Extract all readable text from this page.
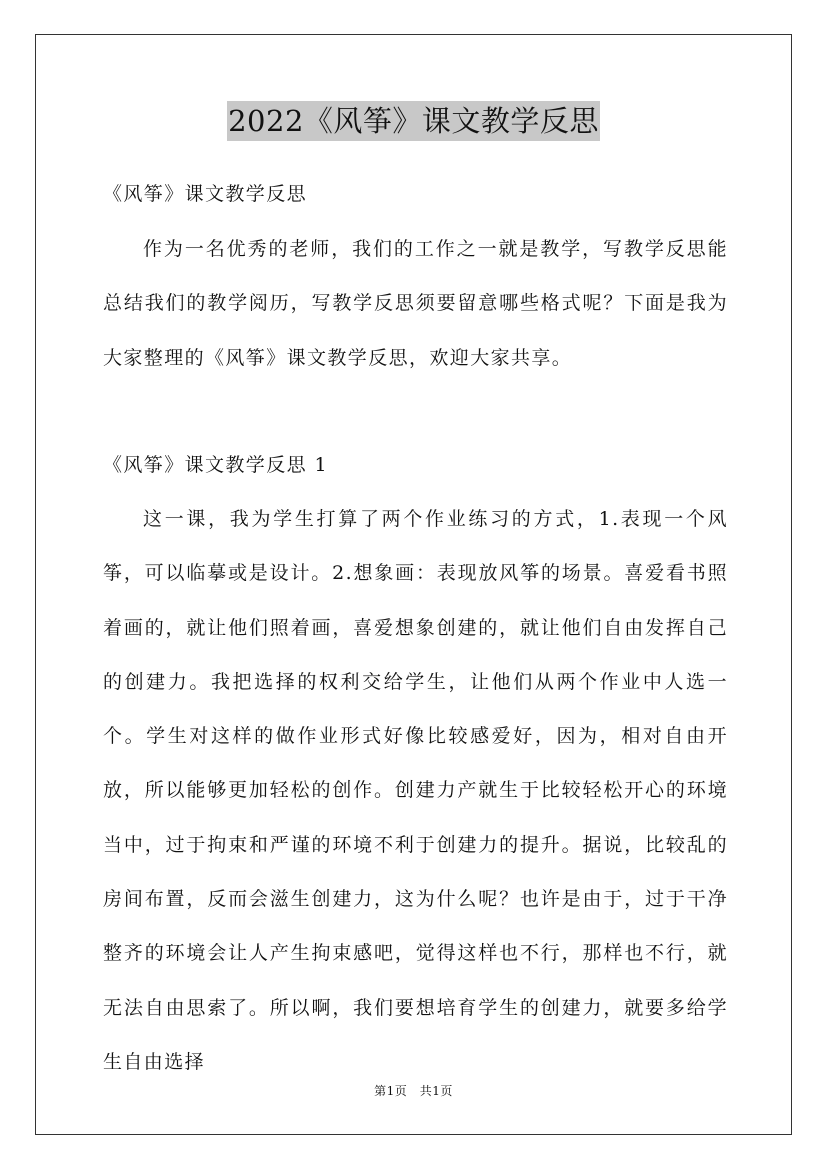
2022《风筝》课文教学反思
《风筝》课文教学反思
作为一名优秀的老师，我们的工作之一就是教学，写教学反思能总结我们的教学阅历，写教学反思须要留意哪些格式呢？下面是我为大家整理的《风筝》课文教学反思，欢迎大家共享。
《风筝》课文教学反思 1
这一课，我为学生打算了两个作业练习的方式，1.表现一个风筝，可以临摹或是设计。2.想象画：表现放风筝的场景。喜爱看书照着画的，就让他们照着画，喜爱想象创建的，就让他们自由发挥自己的创建力。我把选择的权利交给学生，让他们从两个作业中人选一个。学生对这样的做作业形式好像比较感爱好，因为，相对自由开放，所以能够更加轻松的创作。创建力产就生于比较轻松开心的环境当中，过于拘束和严谨的环境不利于创建力的提升。据说，比较乱的房间布置，反而会滋生创建力，这为什么呢？也许是由于，过于干净整齐的环境会让人产生拘束感吧，觉得这样也不行，那样也不行，就无法自由思索了。所以啊，我们要想培育学生的创建力，就要多给学生自由选择
第1页　共1页
